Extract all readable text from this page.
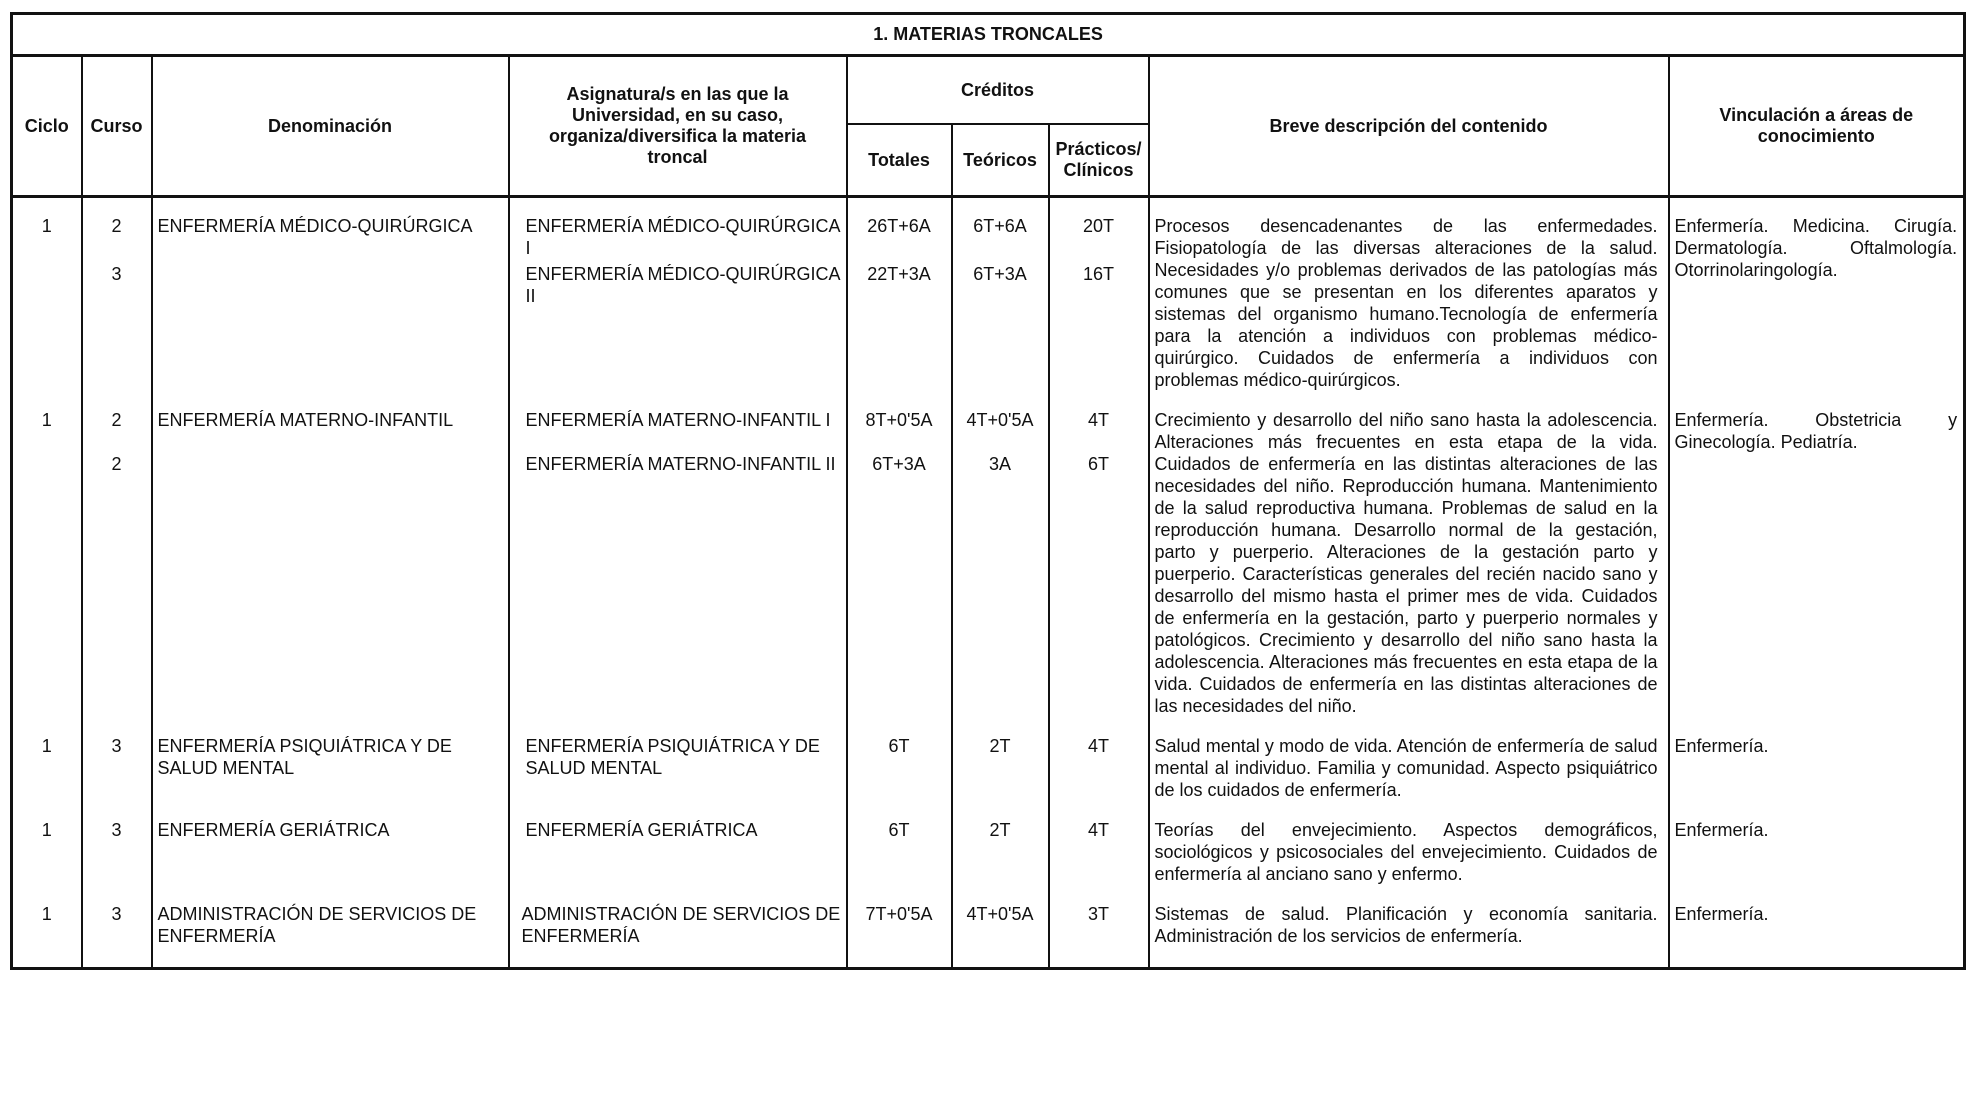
1. MATERIAS TRONCALES								
Ciclo	Curso	Denominación	Asignatura/s en las que la Universidad, en su caso, organiza/diversifica la materia troncal	Créditos			Breve descripción del contenido	Vinculación a áreas de conocimiento
				Totales	Teóricos	Prácticos/ Clínicos		

1	2	ENFERMERÍA MÉDICO-QUIRÚRGICA	ENFERMERÍA MÉDICO-QUIRÚRGICA I	26T+6A	6T+6A	20T	Procesos desencadenantes de las enfermedades. Fisiopatología de las diversas alteraciones de la salud. Necesidades y/o problemas derivados de las patologías más comunes que se presentan en los diferentes aparatos y sistemas del organismo humano.Tecnología de enfermería para la atención a individuos con problemas médico-quirúrgico. Cuidados de enfermería a individuos con problemas médico-quirúrgicos.	Enfermería. Medicina. Cirugía. Dermatología. Oftalmología. Otorrinolaringología.
	3		ENFERMERÍA MÉDICO-QUIRÚRGICA II	22T+3A	6T+3A	16T		

1	2	ENFERMERÍA MATERNO-INFANTIL	ENFERMERÍA MATERNO-INFANTIL I	8T+0'5A	4T+0'5A	4T	Crecimiento y desarrollo del niño sano hasta la adolescencia. Alteraciones más frecuentes en esta etapa de la vida. Cuidados de enfermería en las distintas alteraciones de las necesidades del niño. Reproducción humana. Mantenimiento de la salud reproductiva humana. Problemas de salud en la reproducción humana. Desarrollo normal de la gestación, parto y puerperio. Alteraciones de la gestación parto y puerperio. Características generales del recién nacido sano y desarrollo del mismo hasta el primer mes de vida. Cuidados de enfermería en la gestación, parto y puerperio normales y patológicos. Crecimiento y desarrollo del niño sano hasta la adolescencia. Alteraciones más frecuentes en esta etapa de la vida. Cuidados de enfermería en las distintas alteraciones de las necesidades del niño.	Enfermería. Obstetricia y Ginecología. Pediatría.
	2		ENFERMERÍA MATERNO-INFANTIL II	6T+3A	3A	6T		

1	3	ENFERMERÍA PSIQUIÁTRICA Y DE SALUD MENTAL	ENFERMERÍA PSIQUIÁTRICA Y DE SALUD MENTAL	6T	2T	4T	Salud mental y modo de vida. Atención de enfermería de salud mental al individuo. Familia y comunidad. Aspecto psiquiátrico de los cuidados de enfermería.	Enfermería.

1	3	ENFERMERÍA GERIÁTRICA	ENFERMERÍA GERIÁTRICA	6T	2T	4T	Teorías del envejecimiento. Aspectos demográficos, sociológicos y psicosociales del envejecimiento. Cuidados de enfermería al anciano sano y enfermo.	Enfermería.

1	3	ADMINISTRACIÓN DE SERVICIOS DE ENFERMERÍA	ADMINISTRACIÓN DE SERVICIOS DE ENFERMERÍA	7T+0'5A	4T+0'5A	3T	Sistemas de salud. Planificación y economía sanitaria. Administración de los servicios de enfermería.	Enfermería.
